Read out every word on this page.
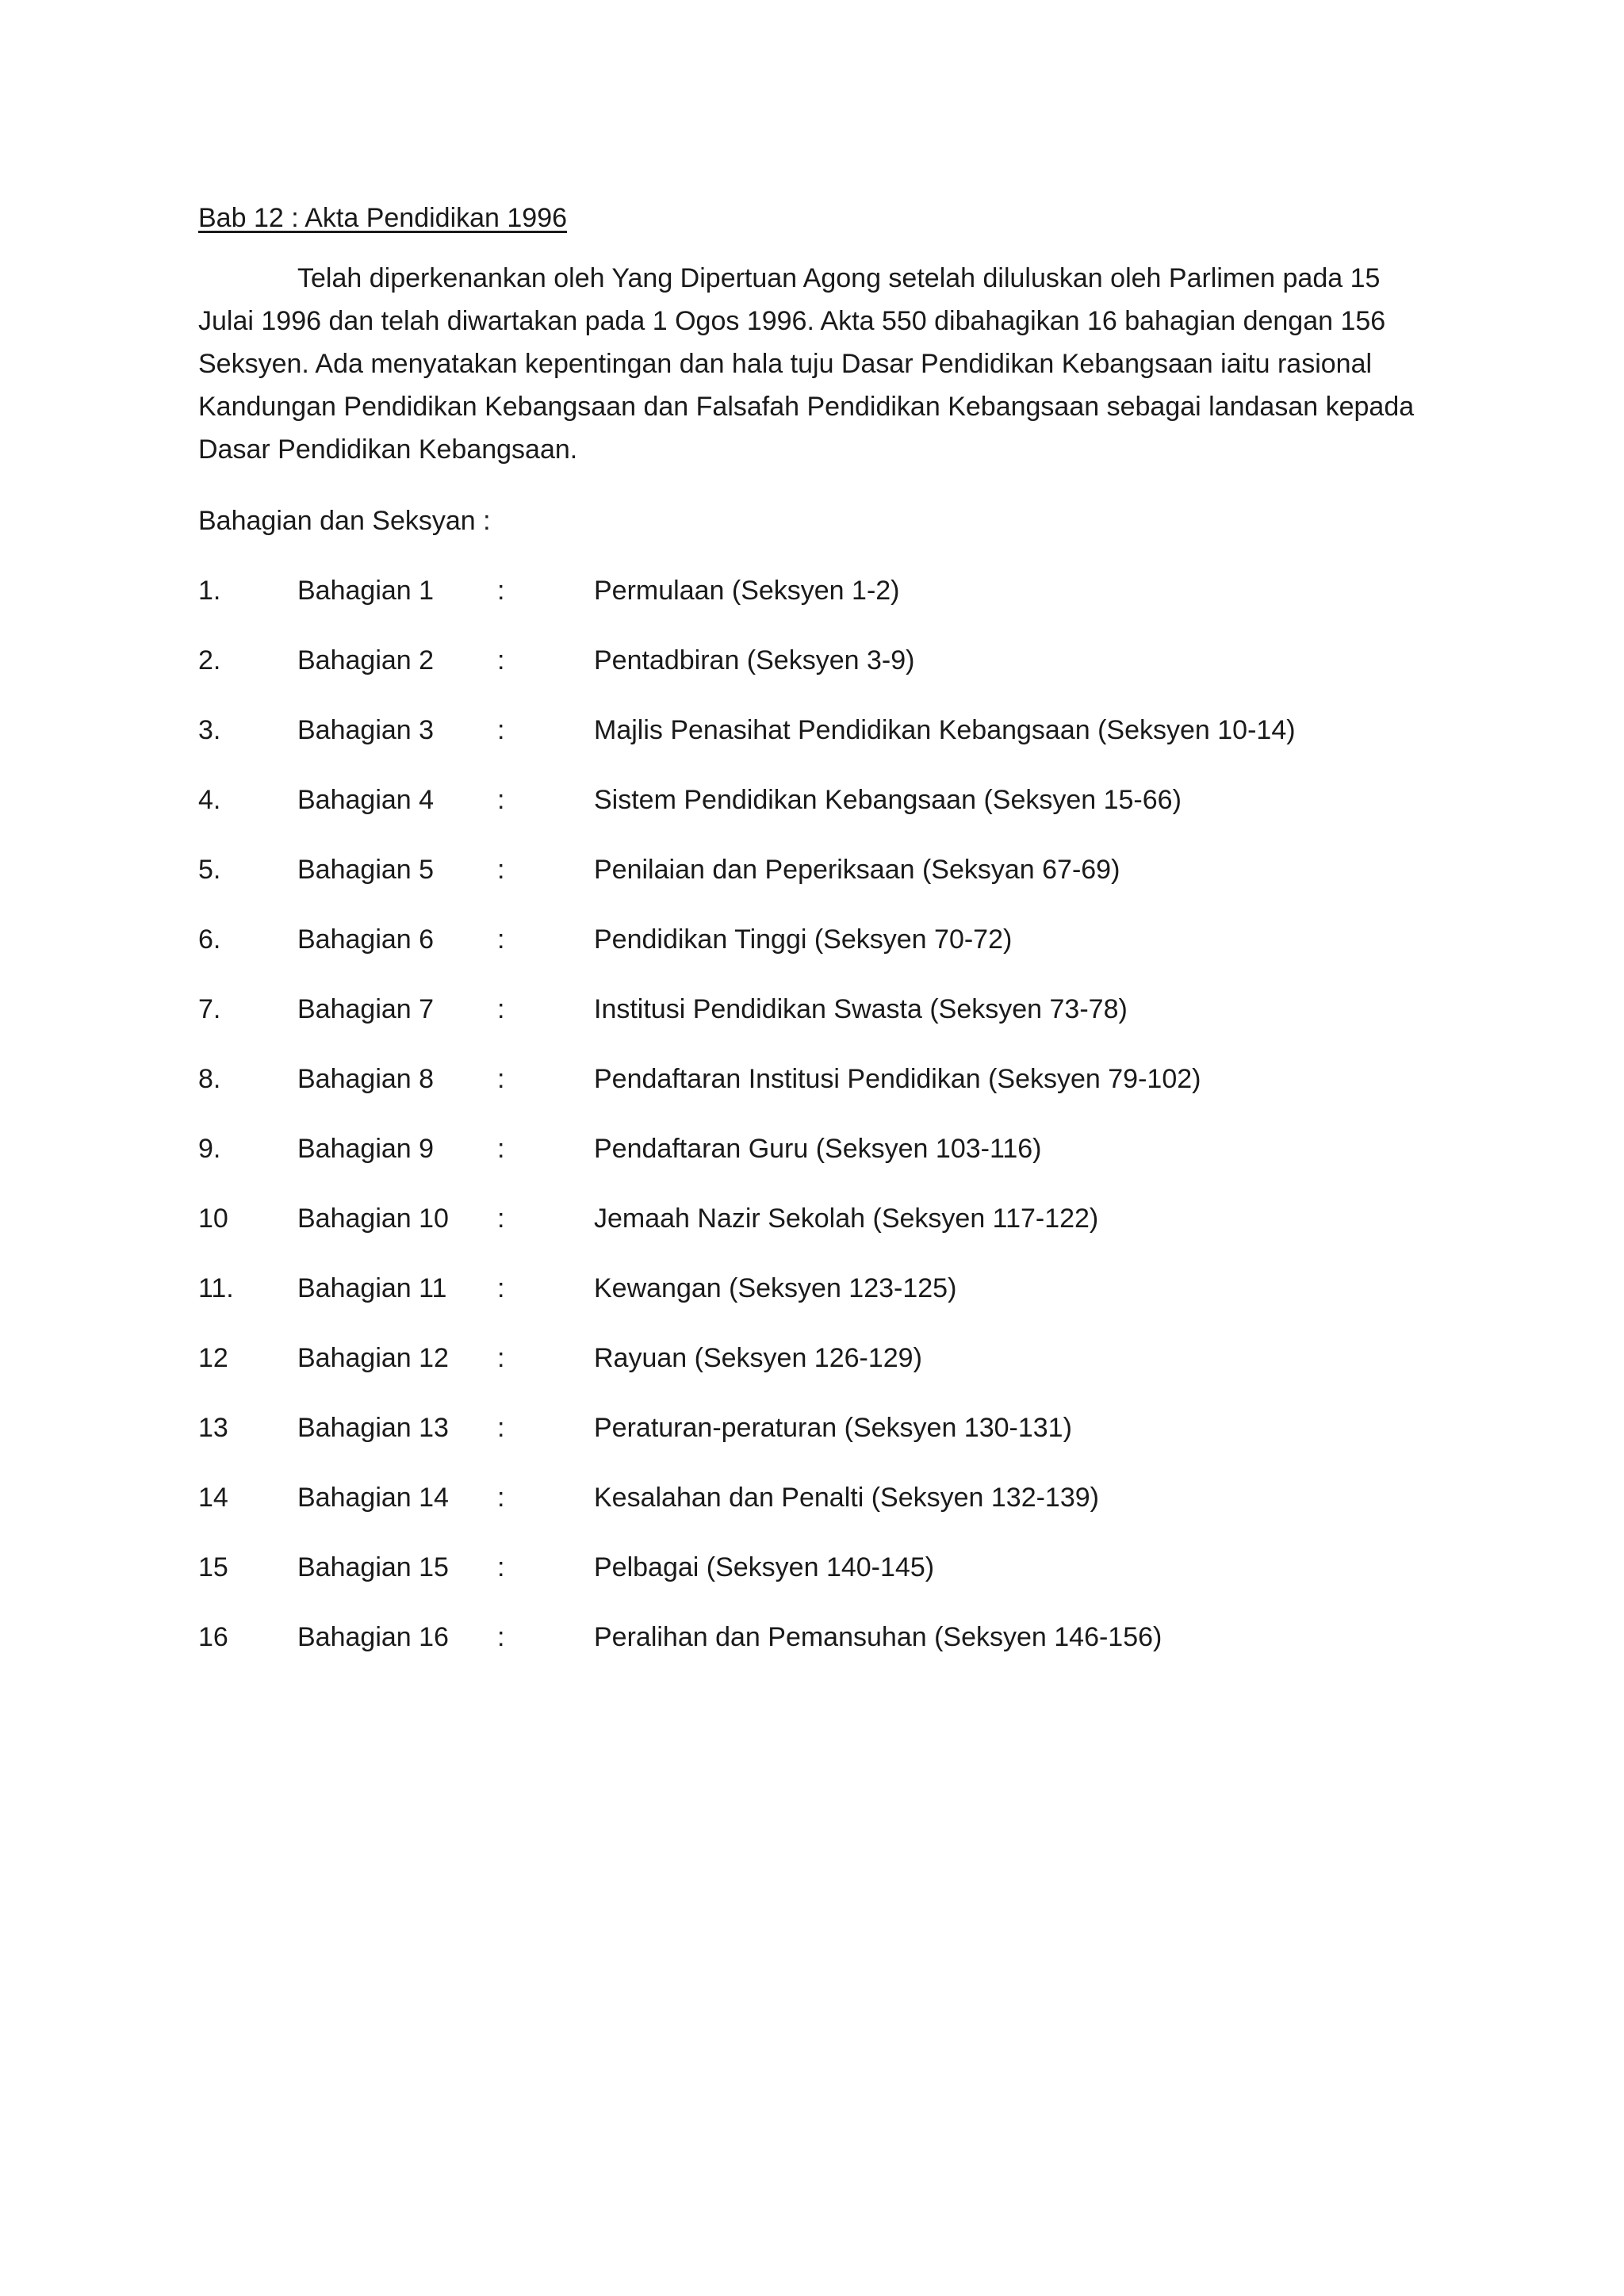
Bab 12 : Akta Pendidikan 1996

Telah diperkenankan oleh Yang Dipertuan Agong setelah diluluskan oleh Parlimen pada 15
Julai 1996 dan telah diwartakan pada 1 Ogos 1996. Akta 550 dibahagikan 16 bahagian dengan 156
Seksyen. Ada menyatakan kepentingan dan hala tuju Dasar Pendidikan Kebangsaan iaitu rasional
Kandungan Pendidikan Kebangsaan dan Falsafah Pendidikan Kebangsaan sebagai landasan kepada
Dasar Pendidikan Kebangsaan.

Bahagian dan Seksyan :
1.	Bahagian 1	:	Permulaan (Seksyen 1-2)
2.	Bahagian 2	:	Pentadbiran (Seksyen 3-9)
3.	Bahagian 3	:	Majlis Penasihat Pendidikan Kebangsaan (Seksyen 10-14)
4.	Bahagian 4	:	Sistem Pendidikan Kebangsaan (Seksyen 15-66)
5.	Bahagian 5	:	Penilaian dan Peperiksaan (Seksyan 67-69)
6.	Bahagian 6	:	Pendidikan Tinggi (Seksyen 70-72)
7.	Bahagian 7	:	Institusi Pendidikan Swasta (Seksyen 73-78)
8.	Bahagian 8	:	Pendaftaran Institusi Pendidikan (Seksyen 79-102)
9.	Bahagian 9	:	Pendaftaran Guru (Seksyen 103-116)
10	Bahagian 10	:	Jemaah Nazir Sekolah (Seksyen 117-122)
11.	Bahagian 11	:	Kewangan (Seksyen 123-125)
12	Bahagian 12	:	Rayuan (Seksyen 126-129)
13	Bahagian 13	:	Peraturan-peraturan (Seksyen 130-131)
14	Bahagian 14	:	Kesalahan dan Penalti (Seksyen 132-139)
15	Bahagian 15	:	Pelbagai (Seksyen 140-145)
16	Bahagian 16	:	Peralihan dan Pemansuhan (Seksyen 146-156)
